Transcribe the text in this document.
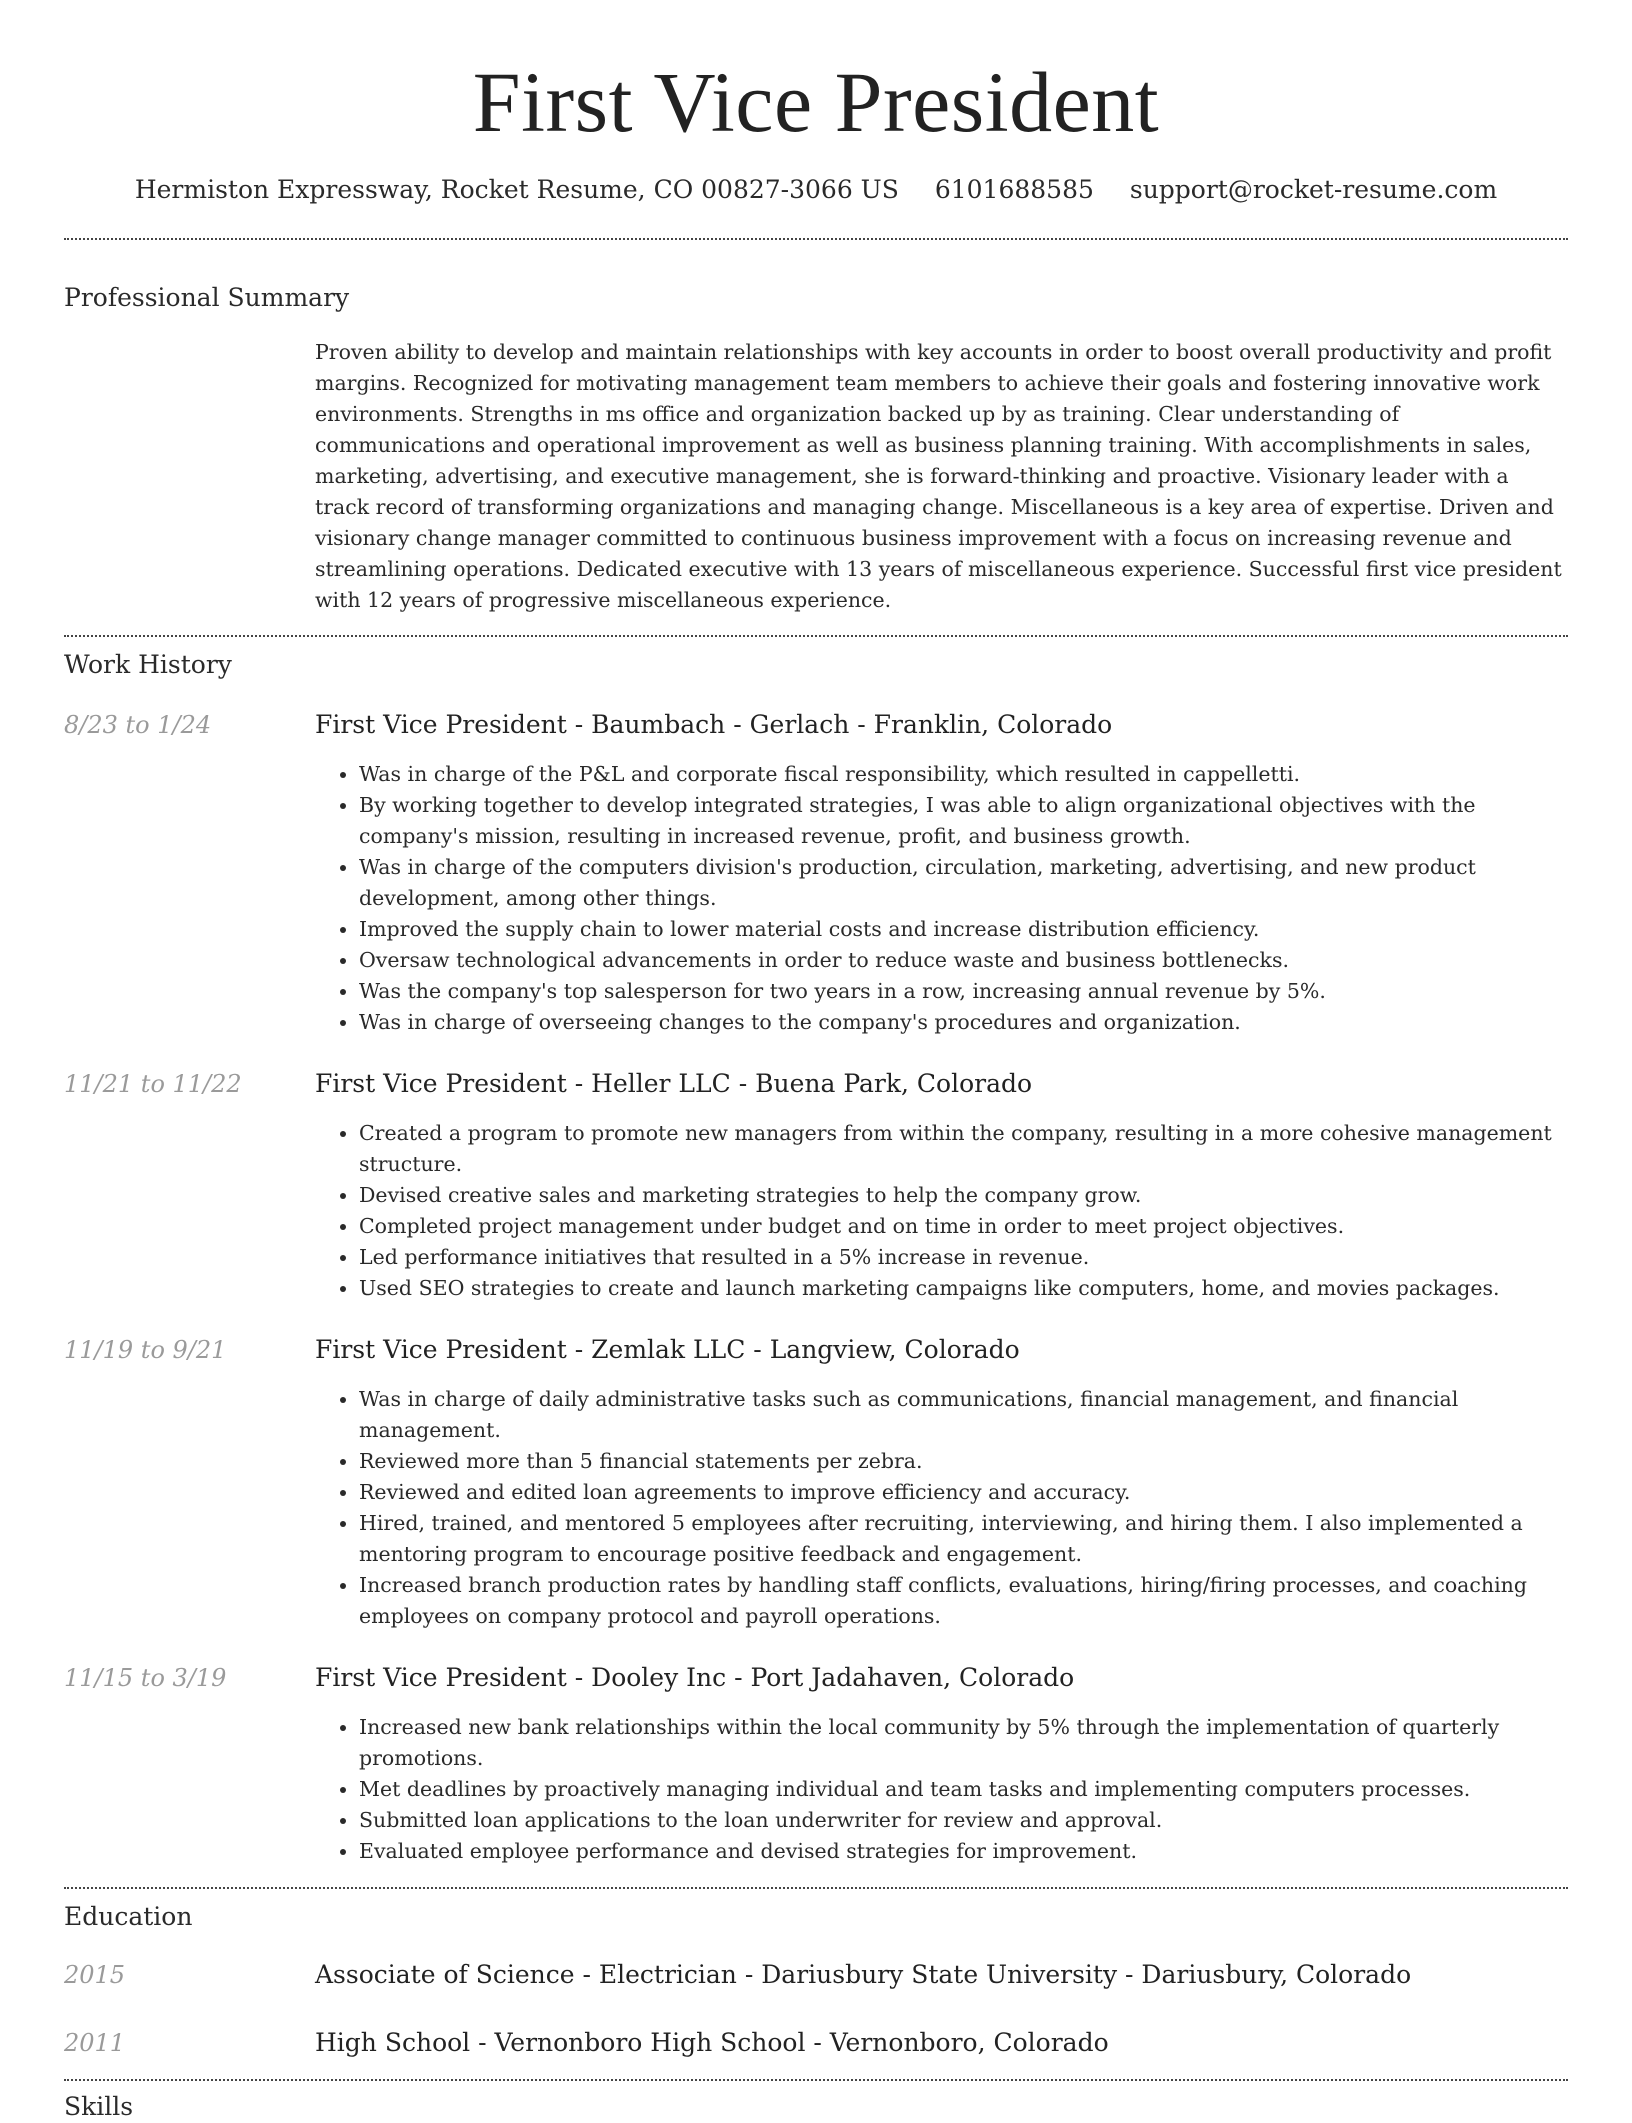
First Vice President
Hermiston Expressway, Rocket Resume, CO 00827-3066 US 6101688585 support@rocket-resume.com
Professional Summary
Proven ability to develop and maintain relationships with key accounts in order to boost overall productivity and profit margins. Recognized for motivating management team members to achieve their goals and fostering innovative work environments. Strengths in ms office and organization backed up by as training. Clear understanding of communications and operational improvement as well as business planning training. With accomplishments in sales, marketing, advertising, and executive management, she is forward-thinking and proactive. Visionary leader with a track record of transforming organizations and managing change. Miscellaneous is a key area of expertise. Driven and visionary change manager committed to continuous business improvement with a focus on increasing revenue and streamlining operations. Dedicated executive with 13 years of miscellaneous experience. Successful first vice president with 12 years of progressive miscellaneous experience.
Work History
8/23 to 1/24	First Vice President - Baumbach - Gerlach - Franklin, Colorado
• Was in charge of the P&L and corporate fiscal responsibility, which resulted in cappelletti.
• By working together to develop integrated strategies, I was able to align organizational objectives with the company's mission, resulting in increased revenue, profit, and business growth.
• Was in charge of the computers division's production, circulation, marketing, advertising, and new product development, among other things.
• Improved the supply chain to lower material costs and increase distribution efficiency.
• Oversaw technological advancements in order to reduce waste and business bottlenecks.
• Was the company's top salesperson for two years in a row, increasing annual revenue by 5%.
• Was in charge of overseeing changes to the company's procedures and organization.
11/21 to 11/22	First Vice President - Heller LLC - Buena Park, Colorado
• Created a program to promote new managers from within the company, resulting in a more cohesive management structure.
• Devised creative sales and marketing strategies to help the company grow.
• Completed project management under budget and on time in order to meet project objectives.
• Led performance initiatives that resulted in a 5% increase in revenue.
• Used SEO strategies to create and launch marketing campaigns like computers, home, and movies packages.
11/19 to 9/21	First Vice President - Zemlak LLC - Langview, Colorado
• Was in charge of daily administrative tasks such as communications, financial management, and financial management.
• Reviewed more than 5 financial statements per zebra.
• Reviewed and edited loan agreements to improve efficiency and accuracy.
• Hired, trained, and mentored 5 employees after recruiting, interviewing, and hiring them. I also implemented a mentoring program to encourage positive feedback and engagement.
• Increased branch production rates by handling staff conflicts, evaluations, hiring/firing processes, and coaching employees on company protocol and payroll operations.
11/15 to 3/19	First Vice President - Dooley Inc - Port Jadahaven, Colorado
• Increased new bank relationships within the local community by 5% through the implementation of quarterly promotions.
• Met deadlines by proactively managing individual and team tasks and implementing computers processes.
• Submitted loan applications to the loan underwriter for review and approval.
• Evaluated employee performance and devised strategies for improvement.
Education
2015	Associate of Science - Electrician - Dariusbury State University - Dariusbury, Colorado
2011	High School - Vernonboro High School - Vernonboro, Colorado
Skills
